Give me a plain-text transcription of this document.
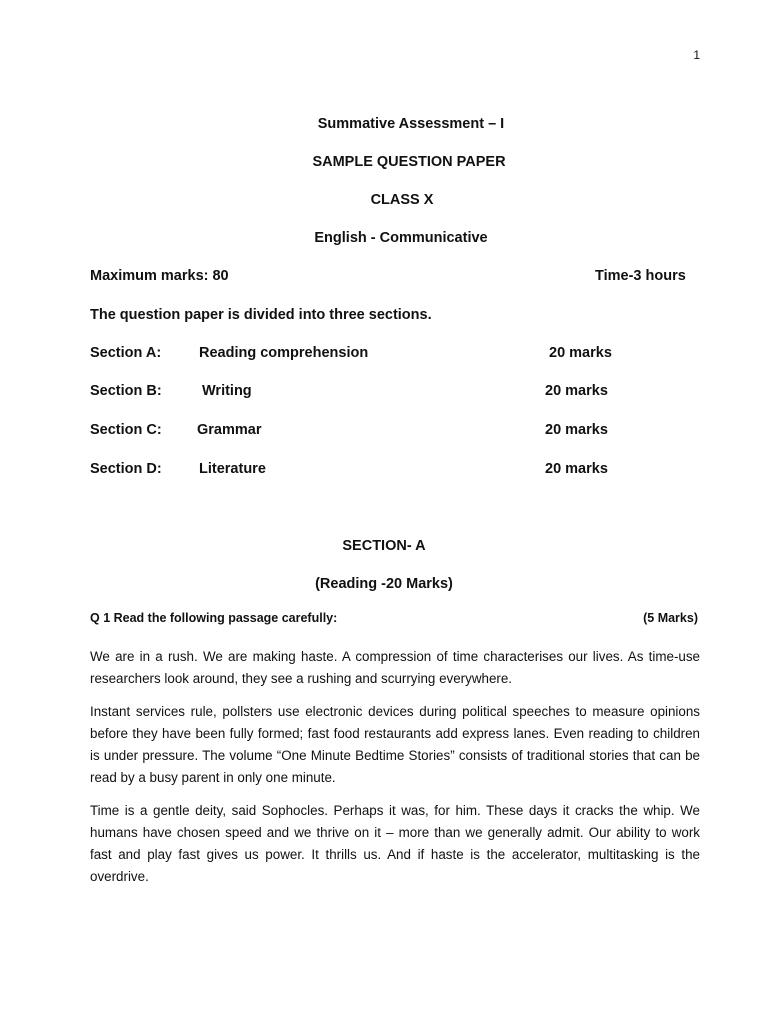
1
Summative Assessment – I
SAMPLE QUESTION PAPER
CLASS X
English - Communicative
Maximum marks: 80	Time-3 hours
The question paper is divided into three sections.
Section A:	Reading comprehension	20 marks
Section B:	Writing	20 marks
Section C: Grammar	20 marks
Section D:	Literature	20 marks
SECTION- A
(Reading -20 Marks)
Q 1 Read the following passage carefully:	(5 Marks)

We are in a rush. We are making haste. A compression of time characterises our lives. As time-use researchers look around, they see a rushing and scurrying everywhere.

Instant services rule, pollsters use electronic devices during political speeches to measure opinions before they have been fully formed; fast food restaurants add express lanes. Even reading to children is under pressure. The volume “One Minute Bedtime Stories” consists of traditional stories that can be read by a busy parent in only one minute.

Time is a gentle deity, said Sophocles. Perhaps it was, for him. These days it cracks the whip. We humans have chosen speed and we thrive on it – more than we generally admit. Our ability to work fast and play fast gives us power. It thrills us. And if haste is the accelerator, multitasking is the overdrive.
